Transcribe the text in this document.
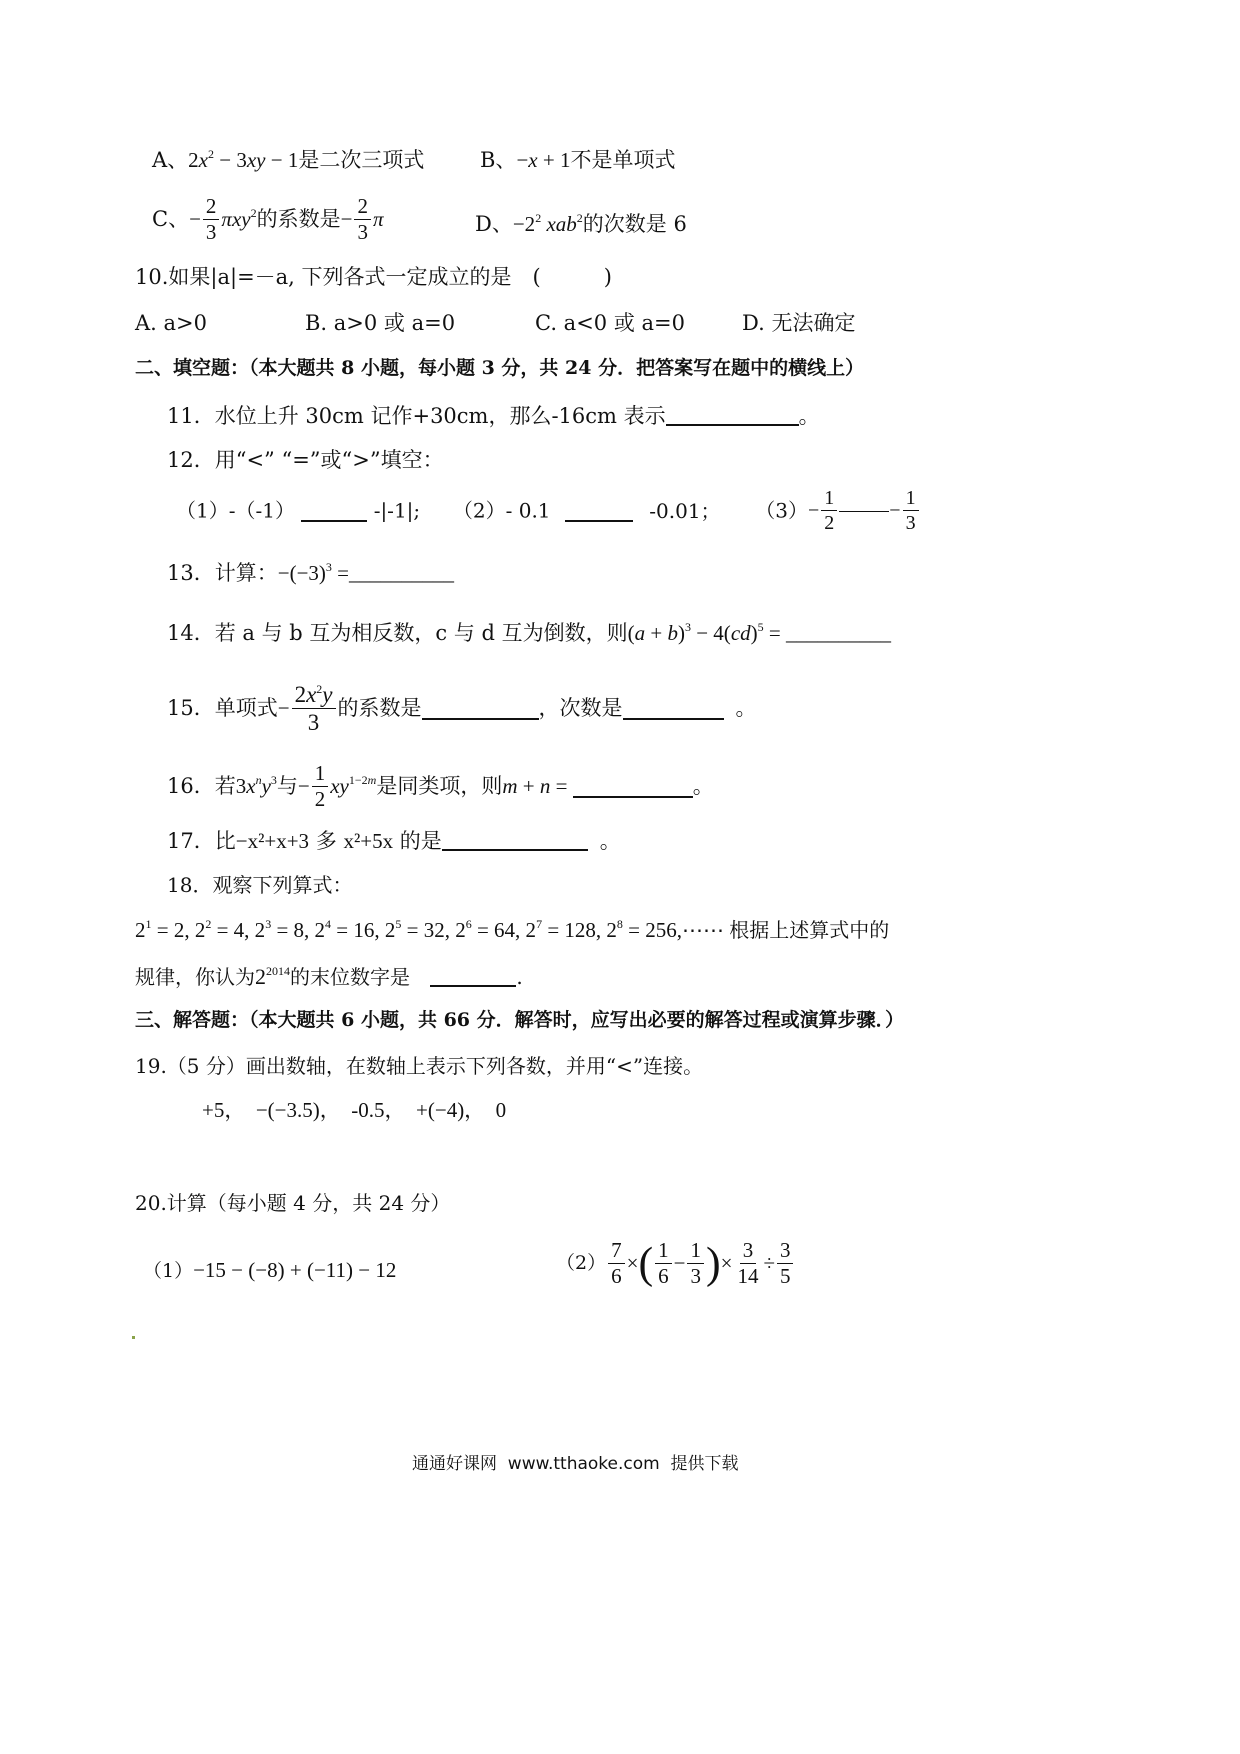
A、$2x^2 - 3xy - 1$是二次三项式	B、−x + 1不是单项式
C、− $\frac{2}{3} \pi xy^2$的系数是− $\frac{2}{3}$ π	D、$-2^2$ xab$^2$的次数是 6
10.如果|a|=－a, 下列各式一定成立的是　(　　　)
A. a>0	B. a>0 或 a=0	C. a<0 或 a=0	D. 无法确定
二、填空题：（本大题共 8 小题，每小题 3 分，共 24 分．把答案写在题中的横线上）
11．水位上升 30cm 记作+30cm，那么-16cm 表示	。
12．用“<” “=”或“>”填空：
（1）-（-1）	-|-1|; （2）- 0.1	-0.01； $(3)- \frac{1}{2}$	− $\frac{1}{3}$
13．计算：$-(-3)^3$ =__________
14．若 a 与 b 互为相反数，c 与 d 互为倒数，则$(a + b)^3 - 4(cd)^5$ = __________
15．单项式− $\frac{2x^2y}{3}$ 的系数是	，次数是	。
16．若$3x^ny^3$与− $\frac{1}{2} xy^{1-2m}$是同类项，则m + n =	。
17．比−x²+x+3 多 x²+5x 的是	。
18．观察下列算式：
$2^1 = 2$, $2^2 = 4$, $2^3 = 8$, $2^4 = 16$, $2^5 = 32$, $2^6 = 64$, $2^7 = 128$, $2^8$ = 256,⋯⋯ 根据上述算式中的
规律，你认为$2^{2014}$的末位数字是	.
三、解答题：（本大题共 6 小题，共 66 分．解答时，应写出必要的解答过程或演算步骤．）
19.（5 分）画出数轴，在数轴上表示下列各数，并用“<”连接。
+5，  −(−3.5)，  -0.5，  +(−4)，  0
20.计算（每小题 4 分，共 24 分）
（1）−15 − (−8) + (−11) − 12	$(2) \frac{7}{6}$ ×( $\frac{1}{6} - \frac{1}{3}$ )× $\frac{3}{14} \div \frac{3}{5}$
通通好课网  www.tthaoke.com  提供下载
